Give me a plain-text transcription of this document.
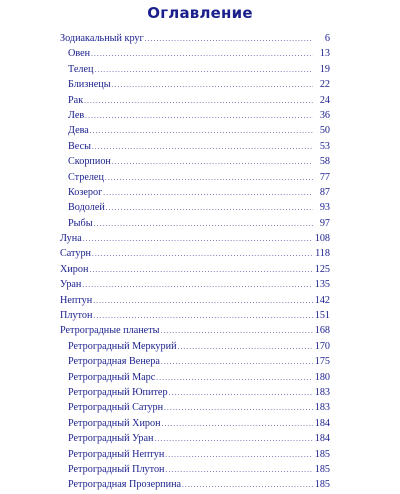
Оглавление
Зодиакальный круг .....	6
Овен .....	13
Телец .....	19
Близнецы .....	22
Рак .....	24
Лев .....	36
Дева .....	50
Весы .....	53
Скорпион .....	58
Стрелец .....	77
Козерог .....	87
Водолей .....	93
Рыбы .....	97
Луна .....	108
Сатурн .....	118
Хирон .....	125
Уран .....	135
Нептун .....	142
Плутон .....	151
Ретроградные планеты .....	168
Ретроградный Меркурий .....	170
Ретроградная Венера .....	175
Ретроградный Марс .....	180
Ретроградный Юпитер .....	183
Ретроградный Сатурн .....	183
Ретроградный Хирон .....	184
Ретроградный Уран .....	184
Ретроградный Нептун .....	185
Ретроградный Плутон .....	185
Ретроградная Прозерпина .....	185
